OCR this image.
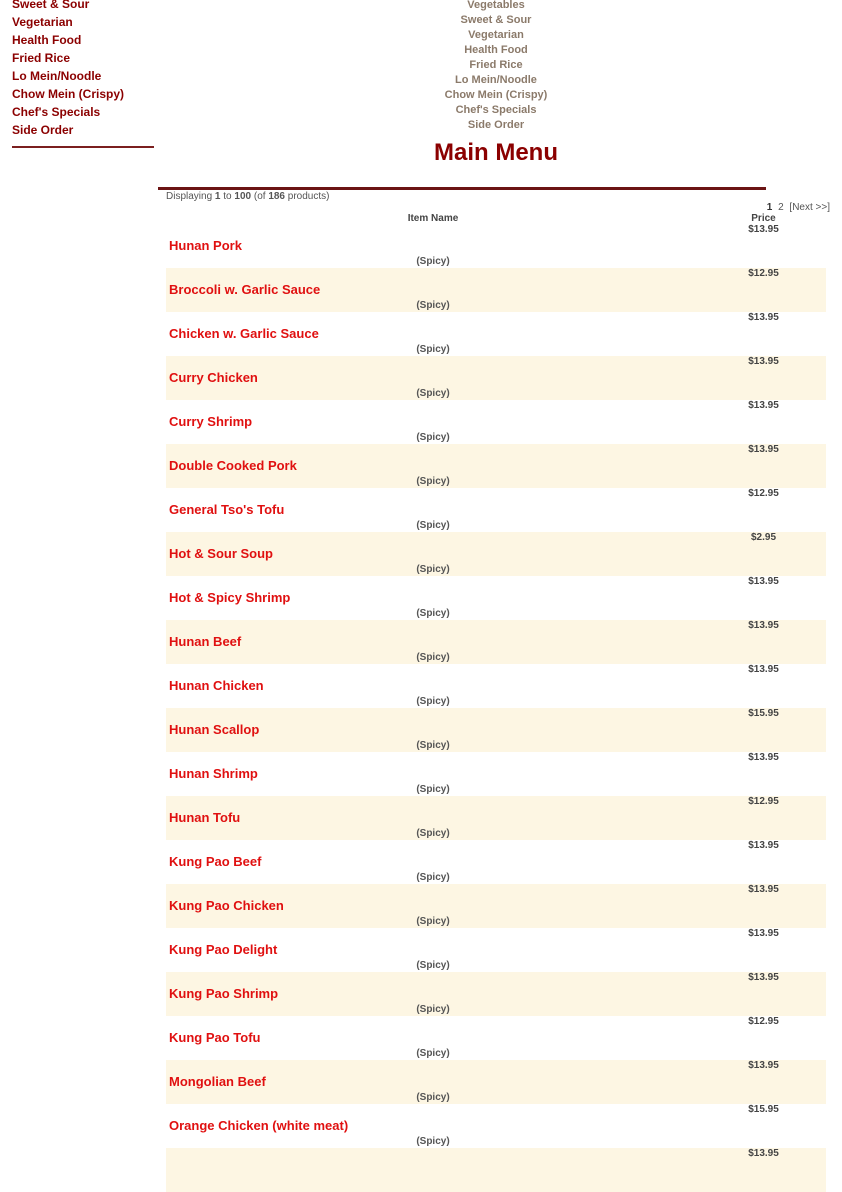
Sweet & Sour
Vegetarian
Health Food
Fried Rice
Lo Mein/Noodle
Chow Mein (Crispy)
Chef's Specials
Side Order
Vegetables
Sweet & Sour
Vegetarian
Health Food
Fried Rice
Lo Mein/Noodle
Chow Mein (Crispy)
Chef's Specials
Side Order
Main Menu
Displaying 1 to 100 (of 186 products)
1 2 [Next >>]
Item Name	Price
$13.95
Hunan Pork
(Spicy)
$12.95
Broccoli w. Garlic Sauce
(Spicy)
$13.95
Chicken w. Garlic Sauce
(Spicy)
$13.95
Curry Chicken
(Spicy)
$13.95
Curry Shrimp
(Spicy)
$13.95
Double Cooked Pork
(Spicy)
$12.95
General Tso's Tofu
(Spicy)
$2.95
Hot & Sour Soup
(Spicy)
$13.95
Hot & Spicy Shrimp
(Spicy)
$13.95
Hunan Beef
(Spicy)
$13.95
Hunan Chicken
(Spicy)
$15.95
Hunan Scallop
(Spicy)
$13.95
Hunan Shrimp
(Spicy)
$12.95
Hunan Tofu
(Spicy)
$13.95
Kung Pao Beef
(Spicy)
$13.95
Kung Pao Chicken
(Spicy)
$13.95
Kung Pao Delight
(Spicy)
$13.95
Kung Pao Shrimp
(Spicy)
$12.95
Kung Pao Tofu
(Spicy)
$13.95
Mongolian Beef
(Spicy)
$15.95
Orange Chicken (white meat)
(Spicy)
$13.95
